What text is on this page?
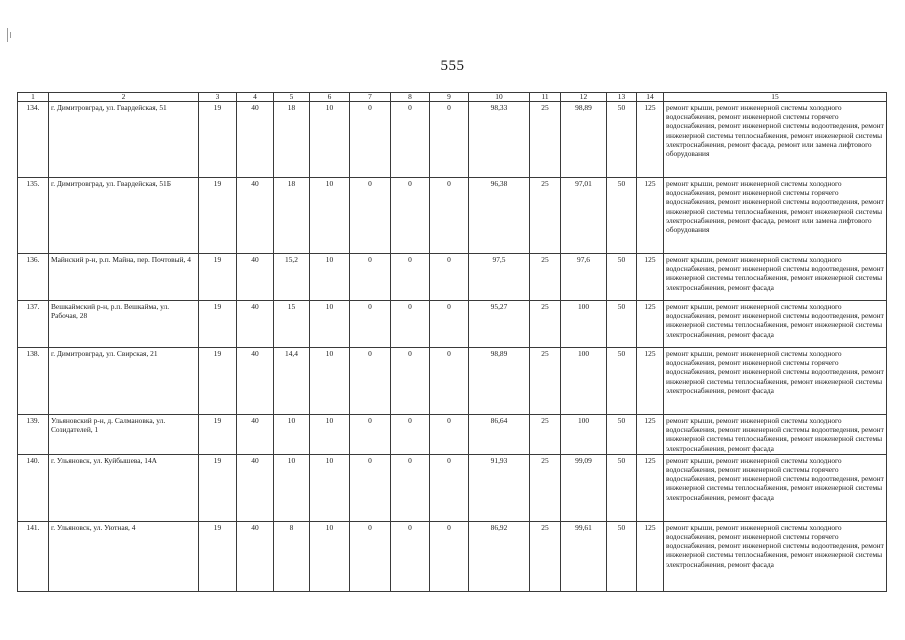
555
1	2	3	4	5	6	7	8	9	10	11	12	13	14	15
134.	г. Димитровград, ул. Гвардейская, 51	19	40	18	10	0	0	0	98,33	25	98,89	50	125	ремонт крыши, ремонт инженерной системы холодного водоснабжения, ремонт инженерной системы горячего водоснабжения, ремонт инженерной системы водоотведения, ремонт инженерной системы теплоснабжения, ремонт инженерной системы электроснабжения, ремонт фасада, ремонт или замена лифтового оборудования
135.	г. Димитровград, ул. Гвардейская, 51Б	19	40	18	10	0	0	0	96,38	25	97,01	50	125	ремонт крыши, ремонт инженерной системы холодного водоснабжения, ремонт инженерной системы горячего водоснабжения, ремонт инженерной системы водоотведения, ремонт инженерной системы теплоснабжения, ремонт инженерной системы электроснабжения, ремонт фасада, ремонт или замена лифтового оборудования
136.	Майнский р-н, р.п. Майна, пер. Почтовый, 4	19	40	15,2	10	0	0	0	97,5	25	97,6	50	125	ремонт крыши, ремонт инженерной системы холодного водоснабжения, ремонт инженерной системы водоотведения, ремонт инженерной системы теплоснабжения, ремонт инженерной системы электроснабжения, ремонт фасада
137.	Вешкаймский р-н, р.п. Вешкайма, ул. Рабочая, 28	19	40	15	10	0	0	0	95,27	25	100	50	125	ремонт крыши, ремонт инженерной системы холодного водоснабжения, ремонт инженерной системы водоотведения, ремонт инженерной системы теплоснабжения, ремонт инженерной системы электроснабжения, ремонт фасада
138.	г. Димитровград, ул. Свирская, 21	19	40	14,4	10	0	0	0	98,89	25	100	50	125	ремонт крыши, ремонт инженерной системы холодного водоснабжения, ремонт инженерной системы горячего водоснабжения, ремонт инженерной системы водоотведения, ремонт инженерной системы теплоснабжения, ремонт инженерной системы электроснабжения, ремонт фасада
139.	Ульяновский р-н, д. Салмановка, ул. Созидателей, 1	19	40	10	10	0	0	0	86,64	25	100	50	125	ремонт крыши, ремонт инженерной системы холодного водоснабжения, ремонт инженерной системы водоотведения, ремонт инженерной системы теплоснабжения, ремонт инженерной системы электроснабжения, ремонт фасада
140.	г. Ульяновск, ул. Куйбышева, 14А	19	40	10	10	0	0	0	91,93	25	99,09	50	125	ремонт крыши, ремонт инженерной системы холодного водоснабжения, ремонт инженерной системы горячего водоснабжения, ремонт инженерной системы водоотведения, ремонт инженерной системы теплоснабжения, ремонт инженерной системы электроснабжения, ремонт фасада
141.	г. Ульяновск, ул. Уютная, 4	19	40	8	10	0	0	0	86,92	25	99,61	50	125	ремонт крыши, ремонт инженерной системы холодного водоснабжения, ремонт инженерной системы горячего водоснабжения, ремонт инженерной системы водоотведения, ремонт инженерной системы теплоснабжения, ремонт инженерной системы электроснабжения, ремонт фасада
